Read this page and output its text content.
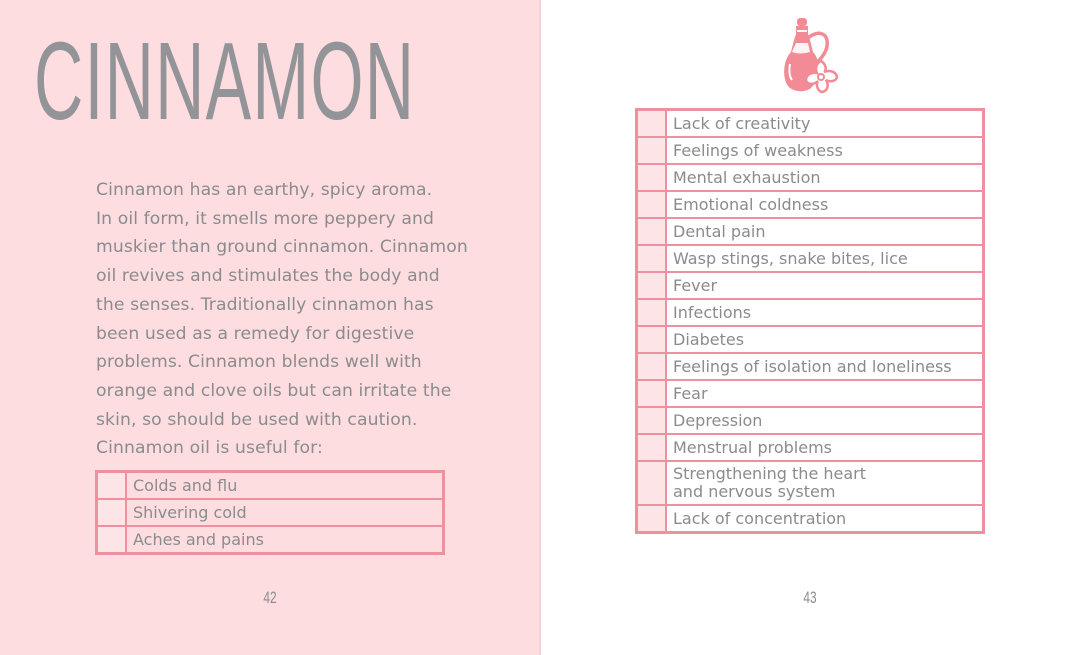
CINNAMON
Cinnamon has an earthy, spicy aroma.
In oil form, it smells more peppery and
muskier than ground cinnamon. Cinnamon
oil revives and stimulates the body and
the senses. Traditionally cinnamon has
been used as a remedy for digestive
problems. Cinnamon blends well with
orange and clove oils but can irritate the
skin, so should be used with caution.
Cinnamon oil is useful for:
42
	Colds and flu
	Shivering cold
	Aches and pains
43
	Lack of creativity
	Feelings of weakness
	Mental exhaustion
	Emotional coldness
	Dental pain
	Wasp stings, snake bites, lice
	Fever
	Infections
	Diabetes
	Feelings of isolation and loneliness
	Fear
	Depression
	Menstrual problems

	Strengthening the heart
and nervous system

	Lack of concentration
